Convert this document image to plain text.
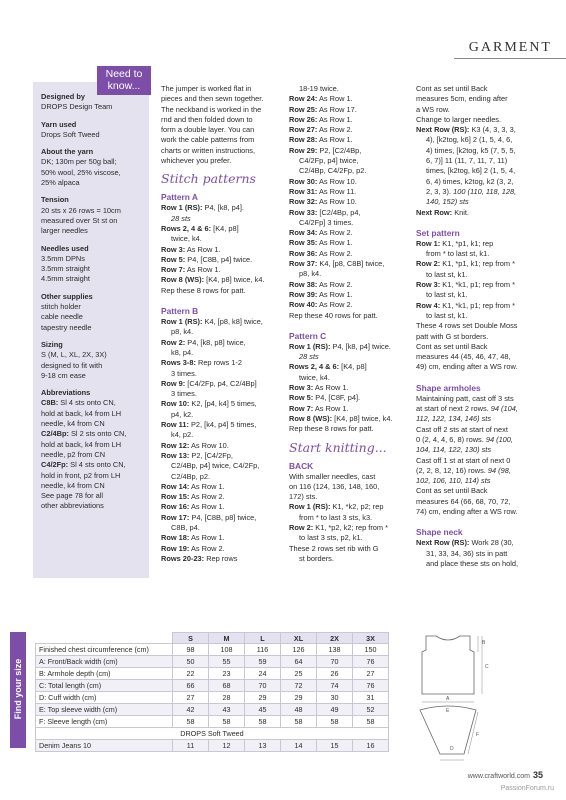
GARMENT
Need to
know...
Designed by

DROPS Design Team

Yarn used

Drops Soft Tweed

About the yarn

DK; 130m per 50g ball;

50% wool, 25% viscose,

25% alpaca

Tension

20 sts x 26 rows = 10cm

measured over St st on

larger needles

Needles used

3.5mm DPNs

3.5mm straight

4.5mm straight

Other supplies

stitch holder

cable needle

tapestry needle

Sizing

S (M, L, XL, 2X, 3X)

designed to fit with

9-18 cm ease

Abbreviations

C8B: Sl 4 sts onto CN,

hold at back, k4 from LH

needle, k4 from CN

C2/4Bp: Sl 2 sts onto CN,

hold at back, k4 from LH

needle, p2 from CN

C4/2Fp: Sl 4 sts onto CN,

hold in front, p2 from LH

needle, k4 from CN

See page 78 for all

other abbreviations

The jumper is worked flat in

pieces and then sewn together.

The neckband is worked in the

rnd and then folded down to

form a double layer. You can

work the cable patterns from

charts or written instructions,

whichever you prefer.

Stitch patterns
Pattern A

Row 1 (RS): P4, [k8, p4].

28 sts

Rows 2, 4 & 6: [K4, p8]

twice, k4.

Row 3: As Row 1.

Row 5: P4, [C8B, p4] twice.

Row 7: As Row 1.

Row 8 (WS): [K4, p8] twice, k4.

Rep these 8 rows for patt.

Pattern B

Row 1 (RS): K4, [p8, k8] twice,

p8, k4.

Row 2: P4, [k8, p8] twice,

k8, p4.

Rows 3-8: Rep rows 1-2

3 times.

Row 9: [C4/2Fp, p4, C2/4Bp]

3 times.

Row 10: K2, [p4, k4] 5 times,

p4, k2.

Row 11: P2, [k4, p4] 5 times,

k4, p2.

Row 12: As Row 10.

Row 13: P2, [C4/2Fp,

C2/4Bp, p4] twice, C4/2Fp,

C2/4Bp, p2.

Row 14: As Row 1.

Row 15: As Row 2.

Row 16: As Row 1.

Row 17: P4, [C8B, p8] twice,

C8B, p4.

Row 18: As Row 1.

Row 19: As Row 2.

Rows 20-23: Rep rows

18-19 twice.

Row 24: As Row 1.

Row 25: As Row 17.

Row 26: As Row 1.

Row 27: As Row 2.

Row 28: As Row 1.

Row 29: P2, [C2/4Bp,

C4/2Fp, p4] twice,

C2/4Bp, C4/2Fp, p2.

Row 30: As Row 10.

Row 31: As Row 11.

Row 32: As Row 10.

Row 33: [C2/4Bp, p4,

C4/2Fp] 3 times.

Row 34: As Row 2.

Row 35: As Row 1.

Row 36: As Row 2.

Row 37: K4, [p8, C8B] twice,

p8, k4.

Row 38: As Row 2.

Row 39: As Row 1.

Row 40: As Row 2.

Rep these 40 rows for patt.

Pattern C

Row 1 (RS): P4, [k8, p4] twice.

28 sts

Rows 2, 4 & 6: [K4, p8]

twice, k4.

Row 3: As Row 1.

Row 5: P4, [C8F, p4].

Row 7: As Row 1.

Row 8 (WS): [K4, p8] twice, k4.

Rep these 8 rows for patt.

Start knitting...
BACK

With smaller needles, cast

on 116 (124, 136, 148, 160,

172) sts.

Row 1 (RS): K1, *k2, p2; rep

from * to last 3 sts, k3.

Row 2: K1, *p2, k2; rep from *

to last 3 sts, p2, k1.

These 2 rows set rib with G

st borders.

Cont as set until Back

measures 5cm, ending after

a WS row.

Change to larger needles.

Next Row (RS): K3 (4, 3, 3, 3,

4), [k2tog, k6] 2 (1, 5, 4, 6,

4) times, [k2tog, k5 (7, 5, 5,

6, 7)] 11 (11, 7, 11, 7, 11)

times, [k2tog, k6] 2 (1, 5, 4,

6, 4) times, k2tog, k2 (3, 2,

2, 3, 3). 100 (110, 118, 128,

140, 152) sts

Next Row: Knit.

Set pattern

Row 1: K1, *p1, k1; rep

from * to last st, k1.

Row 2: K1, *p1, k1; rep from *

to last st, k1.

Row 3: K1, *k1, p1; rep from *

to last st, k1.

Row 4: K1, *k1, p1; rep from *

to last st, k1.

These 4 rows set Double Moss

patt with G st borders.

Cont as set until Back

measures 44 (45, 46, 47, 48,

49) cm, ending after a WS row.

Shape armholes

Maintaining patt, cast off 3 sts

at start of next 2 rows. 94 (104,

112, 122, 134, 146) sts

Cast off 2 sts at start of next

0 (2, 4, 4, 6, 8) rows. 94 (100,

104, 114, 122, 130) sts

Cast off 1 st at start of next 0

(2, 2, 8, 12, 16) rows. 94 (98,

102, 106, 110, 114) sts

Cont as set until Back

measures 64 (66, 68, 70, 72,

74) cm, ending after a WS row.

Shape neck

Next Row (RS): Work 28 (30,

31, 33, 34, 36) sts in patt

and place these sts on hold,

Find your size
	S	M	L	XL	2X	3X
Finished chest circumference (cm)	98	108	116	126	138	150
A: Front/Back width (cm)	50	55	59	64	70	76
B: Armhole depth (cm)	22	23	24	25	26	27
C: Total length (cm)	66	68	70	72	74	76
D: Cuff width (cm)	27	28	29	29	30	31
E: Top sleeve width (cm)	42	43	45	48	49	52
F: Sleeve length (cm)	58	58	58	58	58	58
DROPS Soft Tweed						
Denim Jeans 10	11	12	13	14	15	16
B
C
A
E
F
D
www.craftworld.com 35
PassionForum.ru
